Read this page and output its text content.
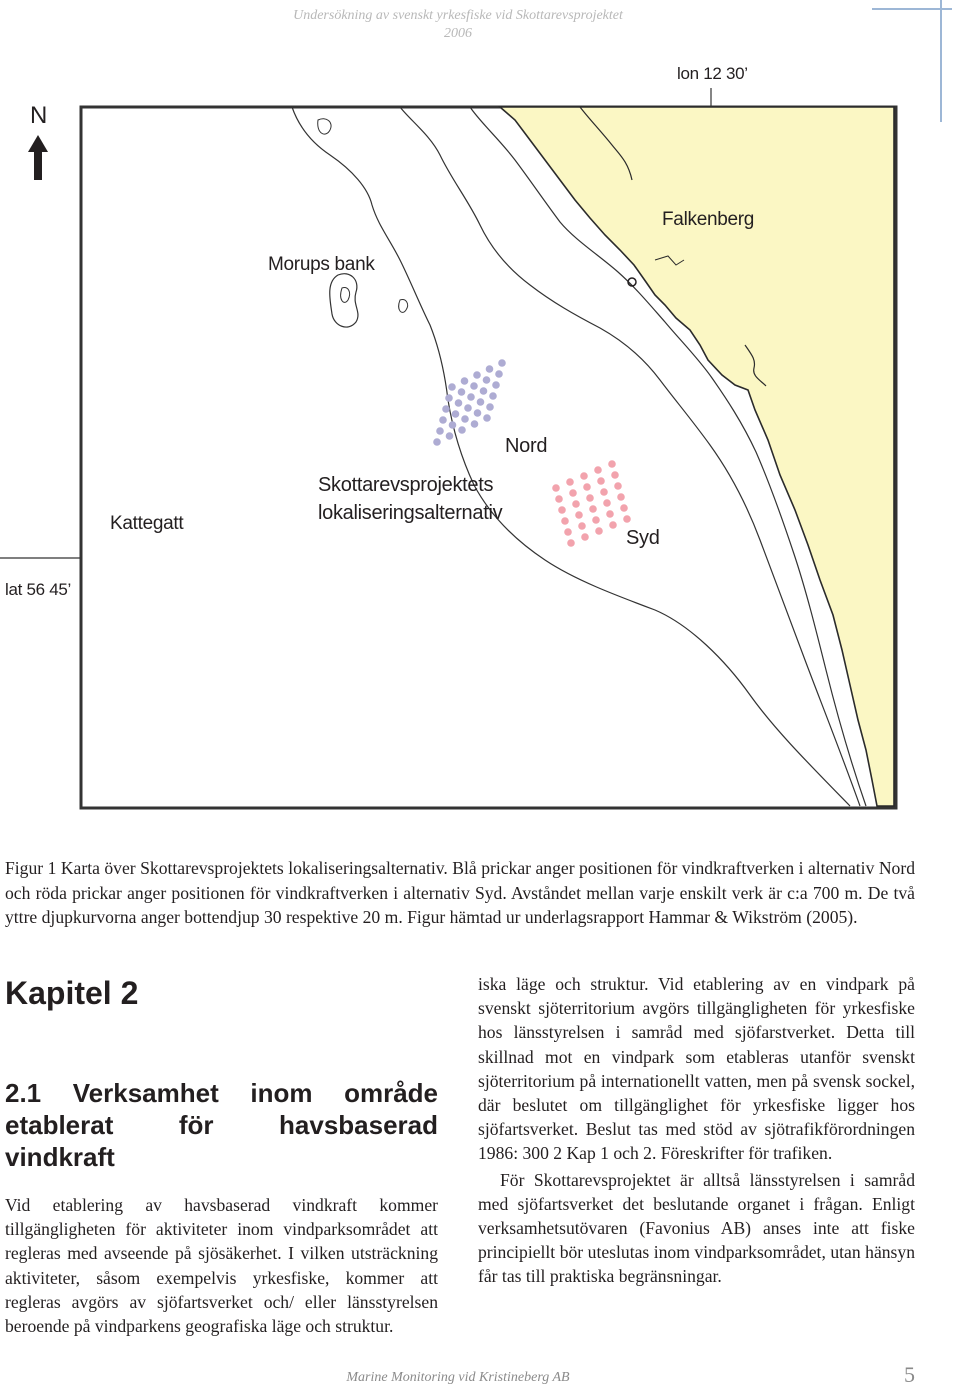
Undersökning av svenskt yrkesfiske vid Skottarevsprojektet
2006
N
lon 12 30’
lat 56 45’
Falkenberg
Morups bank
Kattegatt
Skottarevsprojektets
lokaliseringsalternativ
Nord
Syd
Figur 1 Karta över Skottarevsprojektets lokaliseringsalternativ. Blå prickar anger positionen för vindkraftverken i alternativ Nord och röda prickar anger positionen för vindkraftverken i alternativ Syd. Avståndet mellan varje enskilt verk är c:a 700 m. De två yttre djupkurvorna anger bottendjup 30 respektive 20 m. Figur hämtad ur underlagsrapport Hammar & Wikström (2005).
Kapitel 2
2.1 Verksamhet inom område etablerat för havsbaserad vindkraft

Vid etablering av havsbaserad vindkraft kommer tillgängligheten för aktiviteter inom vindparksområdet att regleras med avseende på sjösäkerhet. I vilken utsträckning aktiviteter, såsom exempelvis yrkesfiske, kommer att regleras avgörs av sjöfartsverket och/ eller länsstyrelsen beroende på vindparkens geografiska läge och struktur.

iska läge och struktur. Vid etablering av en vindpark på svenskt sjöterritorium avgörs tillgängligheten för yrkesfiske hos länsstyrelsen i samråd med sjöfarstverket. Detta till skillnad mot en vindpark som etableras utanför svenskt sjöterritorium på internationellt vatten, men på svensk sockel, där beslutet om tillgänglighet för yrkesfiske ligger hos sjöfartsverket. Beslut tas med stöd av sjötrafikförordningen 1986: 300 2 Kap 1 och 2. Föreskrifter för trafiken.

För Skottarevsprojektet är alltså länsstyrelsen i samråd med sjöfartsverket det beslutande organet i frågan. Enligt verksamhetsutövaren (Favonius AB) anses inte att fiske principiellt bör uteslutas inom vindparksområdet, utan hänsyn får tas till praktiska begränsningar.

Marine Monitoring vid Kristineberg AB	5
